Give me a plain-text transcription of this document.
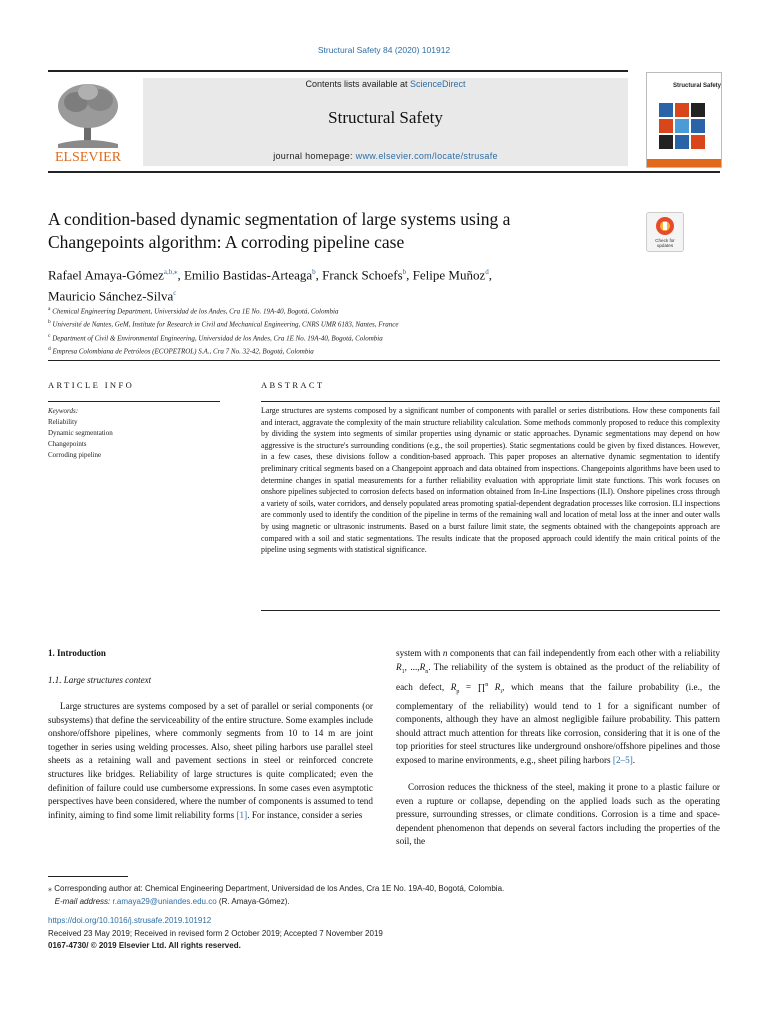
Structural Safety 84 (2020) 101912
ELSEVIER
Contents lists available at ScienceDirect
Structural Safety
journal homepage: www.elsevier.com/locate/strusafe
Structural Safety
A condition-based dynamic segmentation of large systems using a
Changepoints algorithm: A corroding pipeline case	Check for updates
Rafael Amaya-Gómez$^{a,b,⁎}$, Emilio Bastidas-Arteaga$^b$, Franck Schoefs$^b$, Felipe Muñoz$^d$,
Mauricio Sánchez-Silva$^c$
$^a$ Chemical Engineering Department, Universidad de los Andes, Cra 1E No. 19A-40, Bogotá, Colombia
$^b$ Université de Nantes, GeM, Institute for Research in Civil and Mechanical Engineering, CNRS UMR 6183, Nantes, France
$^c$ Department of Civil & Environmental Engineering, Universidad de los Andes, Cra 1E No. 19A-40, Bogotá, Colombia
$^d$ Empresa Colombiana de Petróleos (ECOPETROL) S.A., Cra 7 No. 32-42, Bogotá, Colombia
ARTICLE INFO	ABSTRACT
Keywords:
Reliability
Dynamic segmentation
Changepoints
Corroding pipeline
Large structures are systems composed by a significant number of components with parallel or series distributions. How these components fail and interact, aggravate the complexity of the main structure reliability calculation. Some methods commonly proposed to reduce this complexity by dividing the system into segments of similar properties using dynamic or static approaches. Dynamic segmentations may depend on how aggressive is the structure's surrounding conditions (e.g., the soil properties). Static segmentations could be given by fixed distances. However, in a few cases, these divisions follow a condition-based approach. This paper proposes an alternative dynamic segmentation to identify preliminary critical segments based on a Changepoint approach and data obtained from inspections. Changepoints algorithms have been used to determine changes in spatial measurements for a further reliability evaluation with appropriate limit state functions. This work focuses on onshore pipelines subjected to corrosion defects based on information obtained from In-Line Inspections (ILI). Onshore pipelines cross through a variety of soils, water corridors, and densely populated areas promoting spatial-dependent degradation processes like corrosion. ILI inspections are commonly used to identify the condition of the pipeline in terms of the remaining wall and location of metal loss at the inner and outer walls by using magnetic or ultrasonic instruments. Based on a burst failure limit state, the segments obtained with the changepoints approach are compared with a soil and static segmentations. The results indicate that the proposed approach could identify the main critical points of the pipeline using segments with statistical significance.
1. Introduction
1.1. Large structures context
Large structures are systems composed by a set of parallel or serial components (or subsystems) that define the serviceability of the entire structure. Some examples include onshore/offshore pipelines, where commonly segments from 10 to 14 m are joint together in series using welding processes. Also, sheet piling harbors use parallel steel sheets as a retaining wall and pavement sections in steel or reinforced concrete structures like bridges. Reliability of large structures is quite complicated; even the definition of failure could use cumbersome expressions. In some cases even asymptotic perspectives have been considered, where the number of components is assumed to tend infinity, aiming to find some limit reliability forms [1]. For instance, consider a series
system with n components that can fail independently from each other with a reliability $R_1$, $...,R_n$. The reliability of the system is obtained as the product of the reliability of each defect, $R_p$ = ∏$^n$ $R_i$, which means that the failure probability (i.e., the complementary of the reliability) would tend to 1 for a significant number of components, although they have an almost negligible failure probability. This pattern should attract much attention for threats like corrosion, considering that it is one of the top priorities for steel structures like underground onshore/offshore pipelines and those exposed to marine environments, e.g., sheet piling harbors [2–5].
Corrosion reduces the thickness of the steel, making it prone to a plastic failure or even a rupture or collapse, depending on the applied loads such as the operating pressure, surrounding stresses, or climate conditions. Corrosion is a time and space-dependent phenomenon that depends on several factors including the properties of the soil, the
⁎ Corresponding author at: Chemical Engineering Department, Universidad de los Andes, Cra 1E No. 19A-40, Bogotá, Colombia.
E-mail address: r.amaya29@uniandes.edu.co (R. Amaya-Gómez).
https://doi.org/10.1016/j.strusafe.2019.101912
Received 23 May 2019; Received in revised form 2 October 2019; Accepted 7 November 2019
0167-4730/ © 2019 Elsevier Ltd. All rights reserved.
